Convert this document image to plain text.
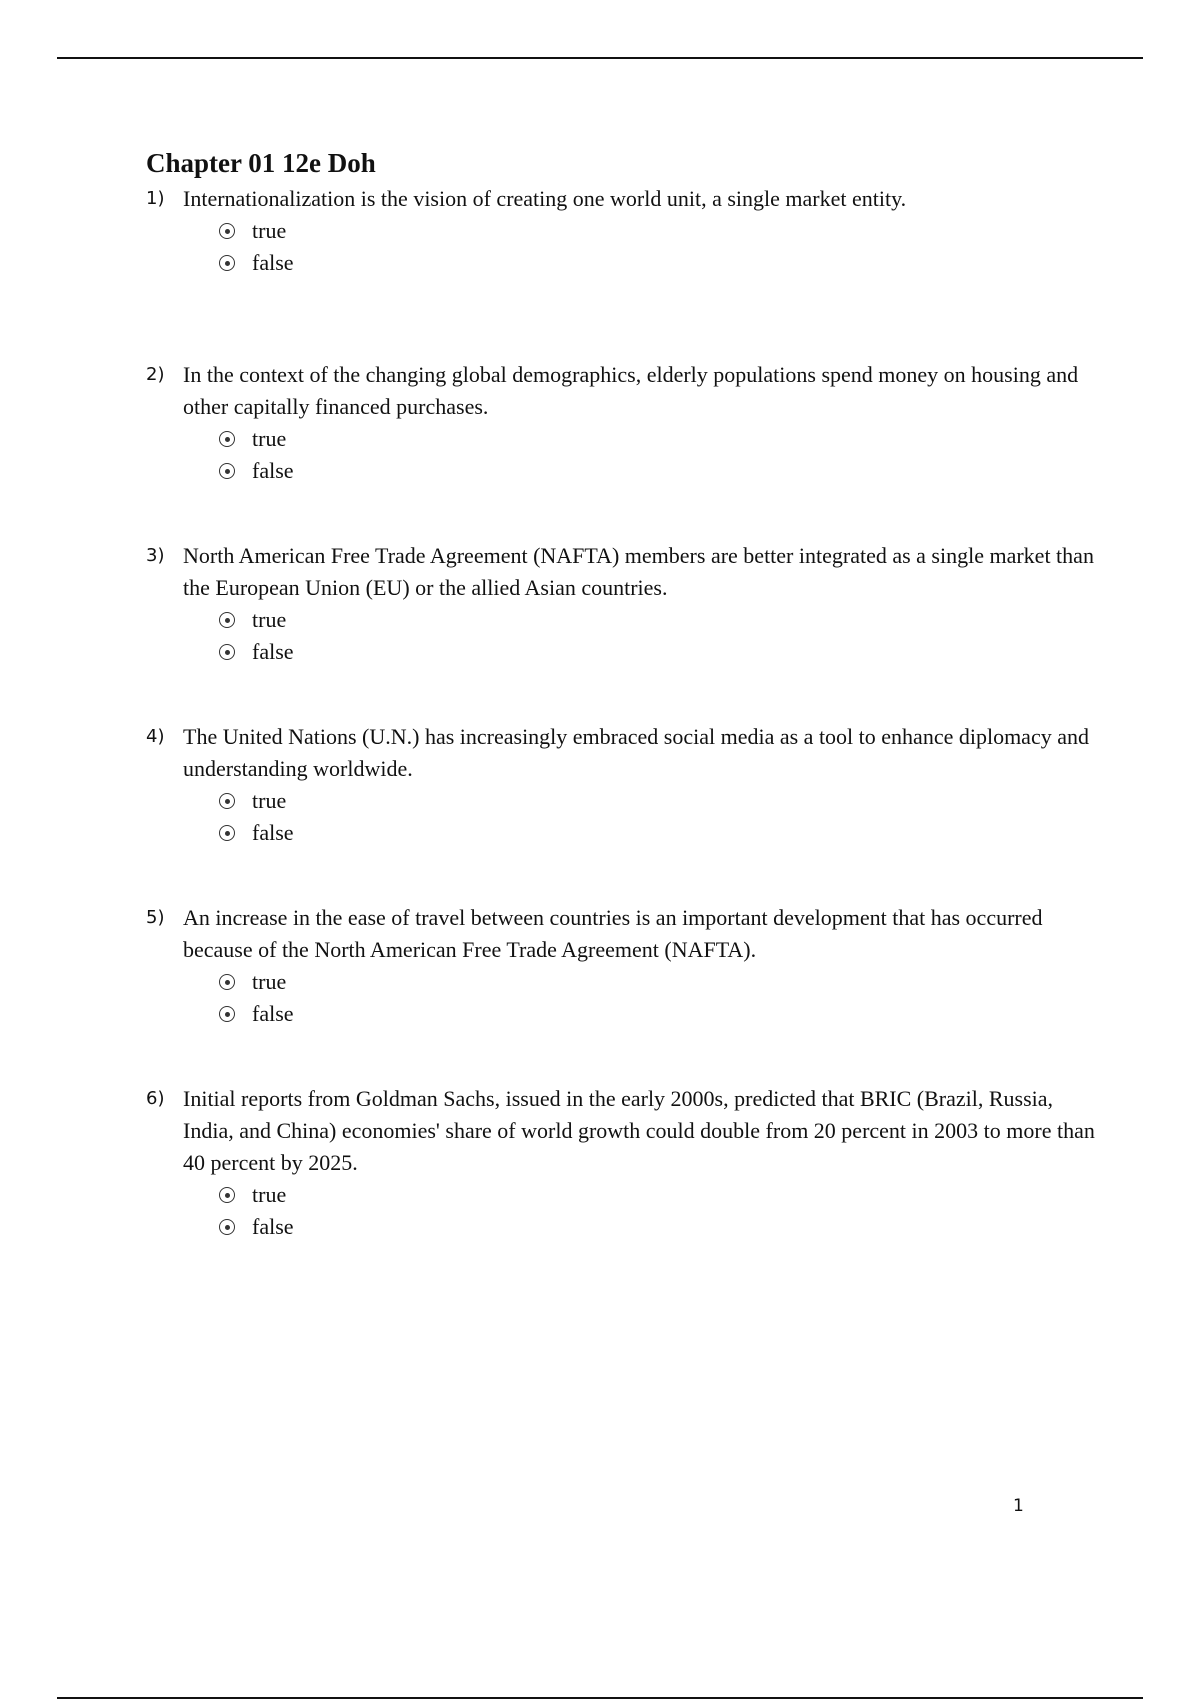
Chapter 01 12e Doh
1) Internationalization is the vision of creating one world unit, a single market entity.
true
false
2) In the context of the changing global demographics, elderly populations spend money on housing and other capitally financed purchases.
true
false
3) North American Free Trade Agreement (NAFTA) members are better integrated as a single market than the European Union (EU) or the allied Asian countries.
true
false
4) The United Nations (U.N.) has increasingly embraced social media as a tool to enhance diplomacy and understanding worldwide.
true
false
5) An increase in the ease of travel between countries is an important development that has occurred because of the North American Free Trade Agreement (NAFTA).
true
false
6) Initial reports from Goldman Sachs, issued in the early 2000s, predicted that BRIC (Brazil, Russia, India, and China) economies' share of world growth could double from 20 percent in 2003 to more than 40 percent by 2025.
true
false
1
